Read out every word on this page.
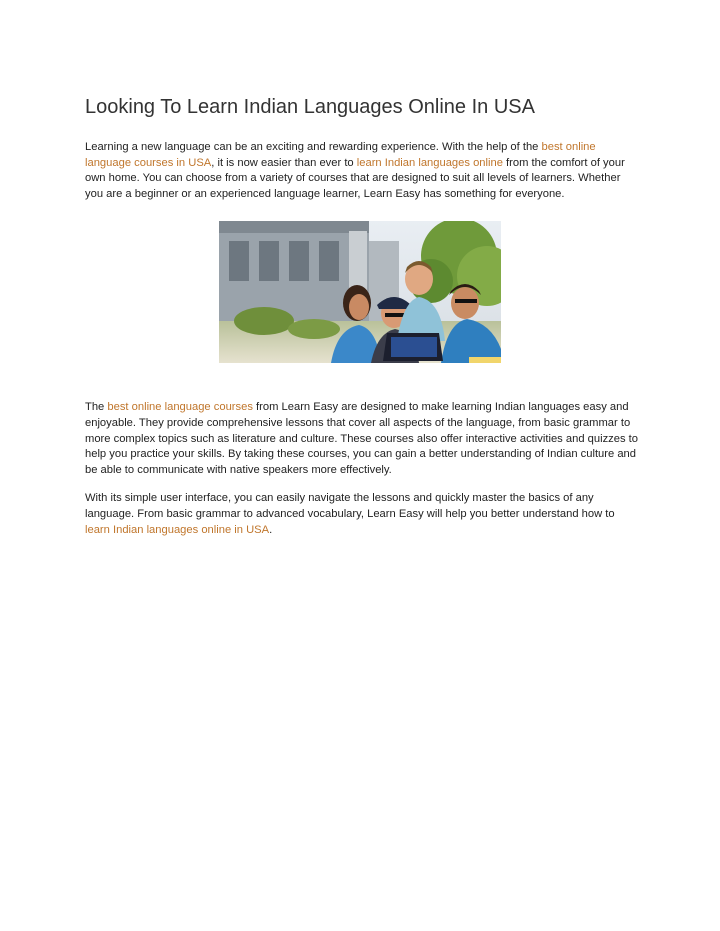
Looking To Learn Indian Languages Online In USA

Learning a new language can be an exciting and rewarding experience. With the help of the best online language courses in USA, it is now easier than ever to learn Indian languages online from the comfort of your own home. You can choose from a variety of courses that are designed to suit all levels of learners. Whether you are a beginner or an experienced language learner, Learn Easy has something for everyone.

The best online language courses from Learn Easy are designed to make learning Indian languages easy and enjoyable. They provide comprehensive lessons that cover all aspects of the language, from basic grammar to more complex topics such as literature and culture. These courses also offer interactive activities and quizzes to help you practice your skills. By taking these courses, you can gain a better understanding of Indian culture and be able to communicate with native speakers more effectively.

With its simple user interface, you can easily navigate the lessons and quickly master the basics of any language. From basic grammar to advanced vocabulary, Learn Easy will help you better understand how to learn Indian languages online in USA.
